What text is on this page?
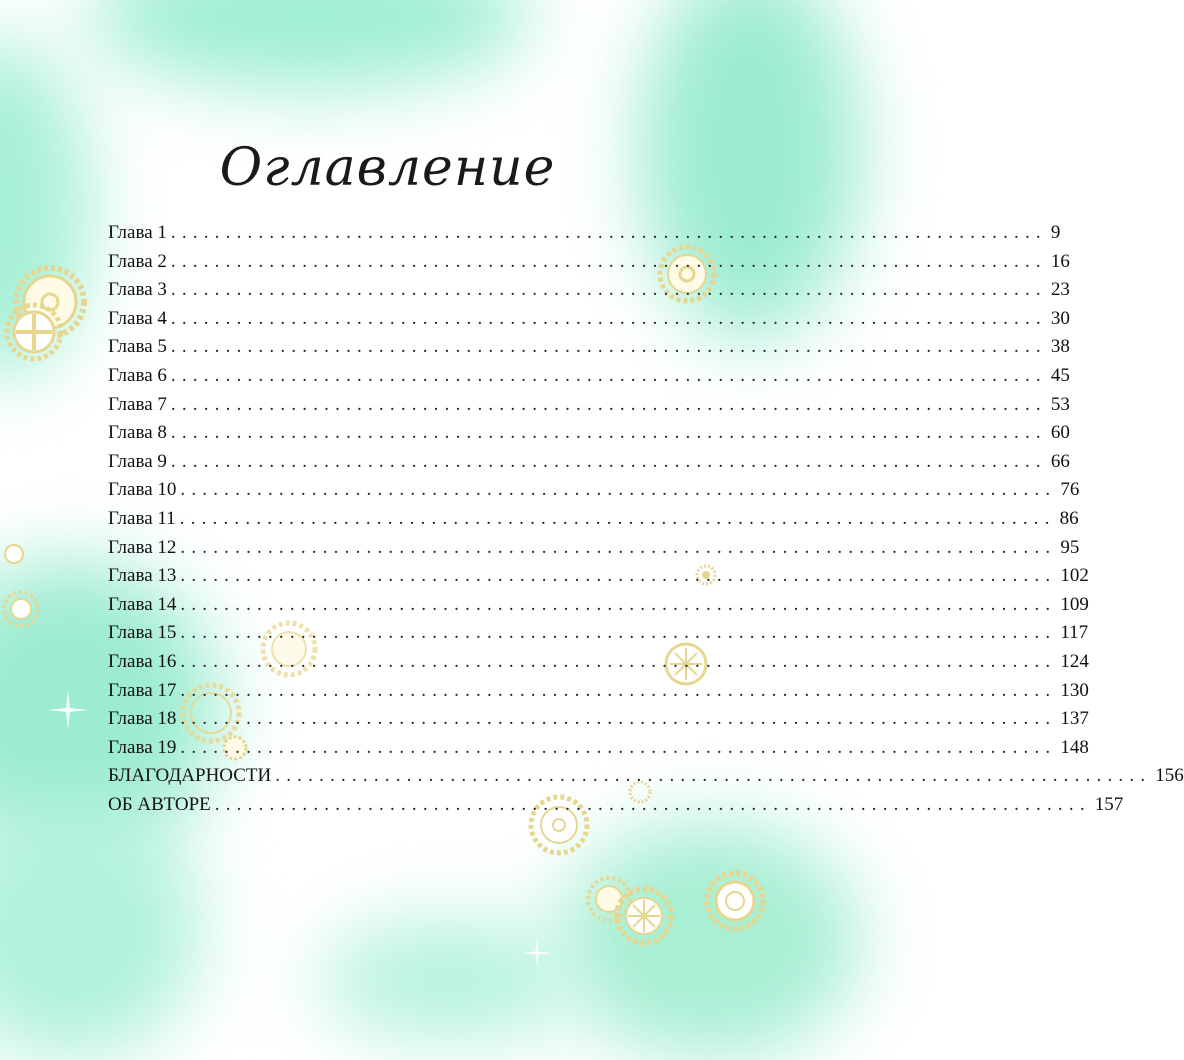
Оглавление
Глава 1 ................................................................................ 9
Глава 2 ................................................................................ 16
Глава 3 ................................................................................ 23
Глава 4 ................................................................................ 30
Глава 5 ................................................................................ 38
Глава 6 ................................................................................ 45
Глава 7 ................................................................................ 53
Глава 8 ................................................................................ 60
Глава 9 ................................................................................ 66
Глава 10 ................................................................................ 76
Глава 11 ................................................................................ 86
Глава 12 ................................................................................ 95
Глава 13 ................................................................................ 102
Глава 14 ................................................................................ 109
Глава 15 ................................................................................ 117
Глава 16 ................................................................................ 124
Глава 17 ................................................................................ 130
Глава 18 ................................................................................ 137
Глава 19 ................................................................................ 148
БЛАГОДАРНОСТИ ................................................................................ 156
ОБ АВТОРЕ ................................................................................ 157
